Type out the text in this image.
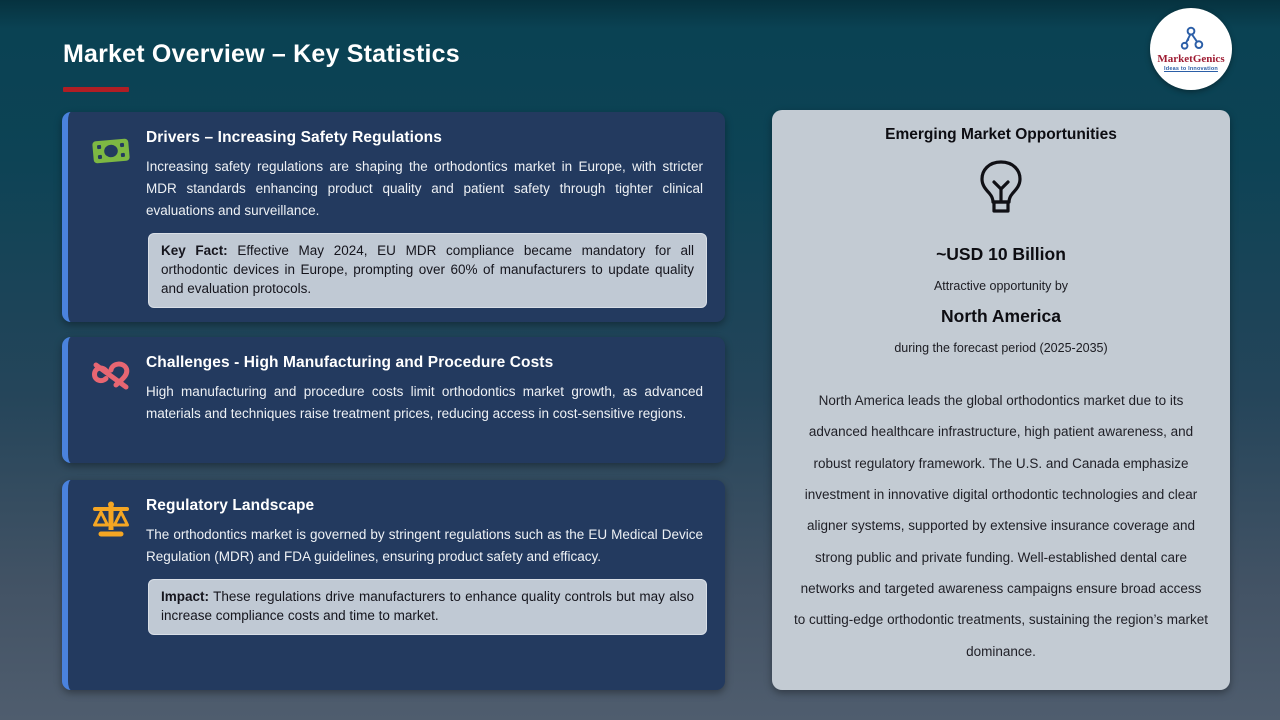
Market Overview – Key Statistics	MarketGenics
Ideas to Innovation
Drivers – Increasing Safety Regulations

Increasing safety regulations are shaping the orthodontics market in Europe, with stricter MDR standards enhancing product quality and patient safety through tighter clinical evaluations and surveillance.

Key Fact: Effective May 2024, EU MDR compliance became mandatory for all orthodontic devices in Europe, prompting over 60% of manufacturers to update quality and evaluation protocols.
Challenges - High Manufacturing and Procedure Costs

High manufacturing and procedure costs limit orthodontics market growth, as advanced materials and techniques raise treatment prices, reducing access in cost-sensitive regions.

Regulatory Landscape

The orthodontics market is governed by stringent regulations such as the EU Medical Device Regulation (MDR) and FDA guidelines, ensuring product safety and efficacy.

Impact: These regulations drive manufacturers to enhance quality controls but may also increase compliance costs and time to market.
Emerging Market Opportunities
~USD 10 Billion
Attractive opportunity by
North America
during the forecast period (2025-2035)

North America leads the global orthodontics market due to its advanced healthcare infrastructure, high patient awareness, and robust regulatory framework. The U.S. and Canada emphasize investment in innovative digital orthodontic technologies and clear aligner systems, supported by extensive insurance coverage and strong public and private funding. Well-established dental care networks and targeted awareness campaigns ensure broad access to cutting-edge orthodontic treatments, sustaining the region’s market dominance.
